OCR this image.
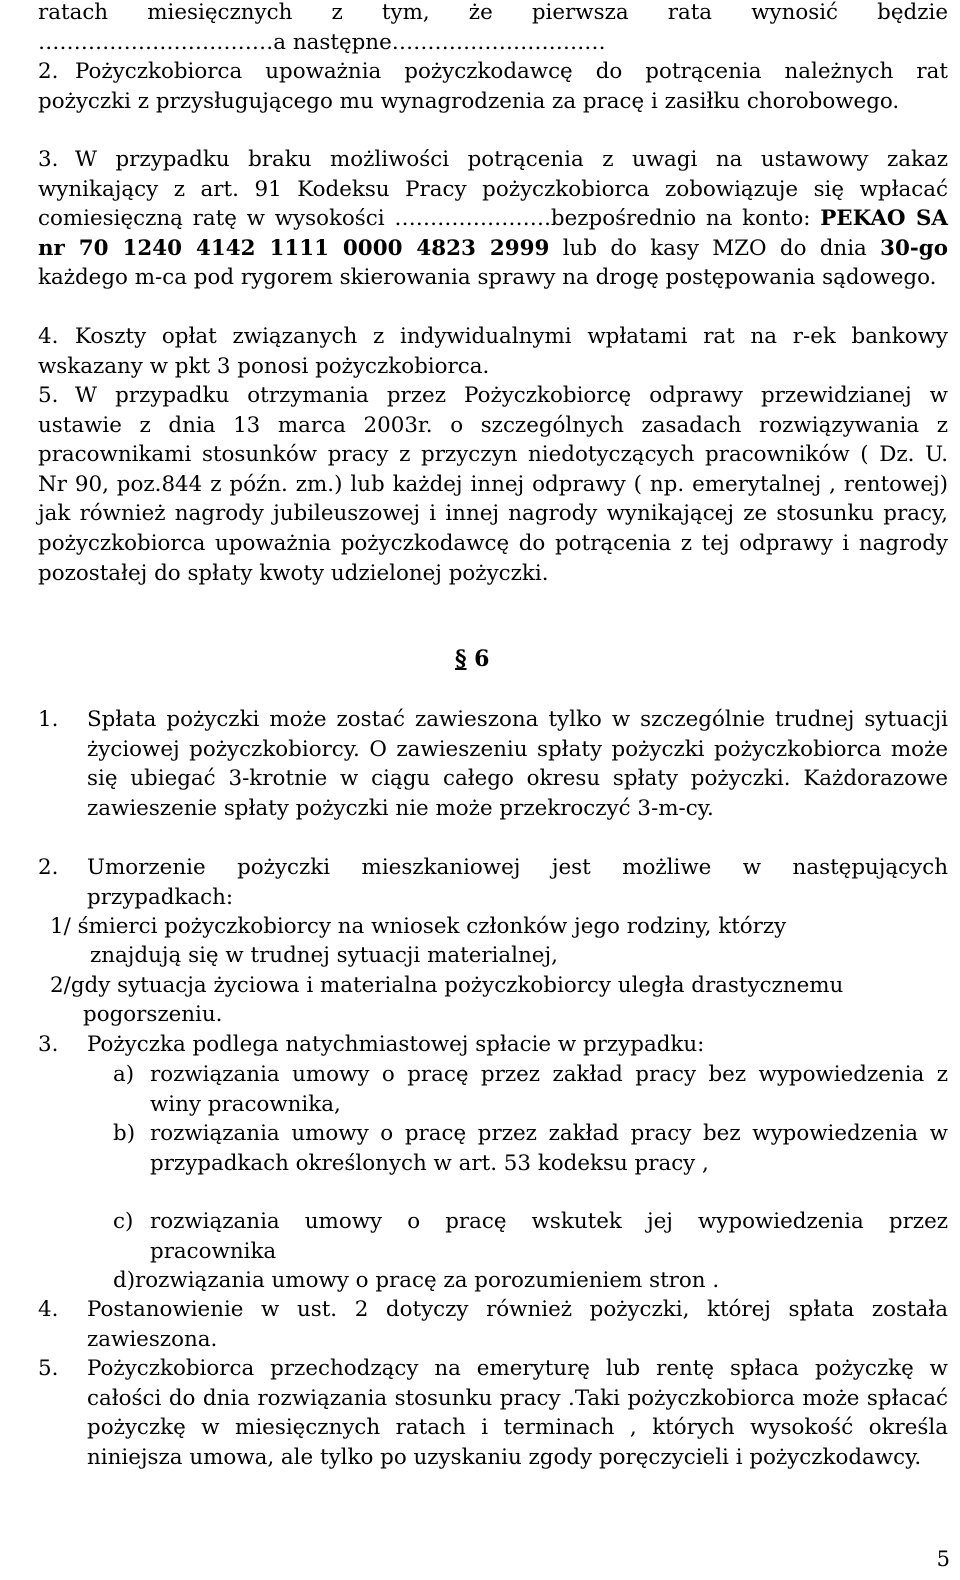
ratach miesięcznych z tym, że pierwsza rata wynosić będzie

……………………………a następne…………………………

2. Pożyczkobiorca upoważnia pożyczkodawcę do potrącenia należnych rat pożyczki z przysługującego mu wynagrodzenia za pracę i zasiłku chorobowego.

3. W przypadku braku możliwości potrącenia z uwagi na ustawowy zakaz wynikający z art. 91 Kodeksu Pracy pożyczkobiorca zobowiązuje się wpłacać comiesięczną ratę w wysokości ………………….bezpośrednio na konto: PEKAO SA nr 70 1240 4142 1111 0000 4823 2999 lub do kasy MZO do dnia 30-go każdego m-ca pod rygorem skierowania sprawy na drogę postępowania sądowego.

4. Koszty opłat związanych z indywidualnymi wpłatami rat na r-ek bankowy wskazany w pkt 3 ponosi pożyczkobiorca.

5. W przypadku otrzymania przez Pożyczkobiorcę odprawy przewidzianej w ustawie z dnia 13 marca 2003r. o szczególnych zasadach rozwiązywania z pracownikami stosunków pracy z przyczyn niedotyczących pracowników ( Dz. U. Nr 90, poz.844 z późn. zm.) lub każdej innej odprawy ( np. emerytalnej , rentowej) jak również nagrody jubileuszowej i innej nagrody wynikającej ze stosunku pracy, pożyczkobiorca upoważnia pożyczkodawcę do potrącenia z tej odprawy i nagrody pozostałej do spłaty kwoty udzielonej pożyczki.

§ 6
1.	Spłata pożyczki może zostać zawieszona tylko w szczególnie trudnej sytuacji życiowej pożyczkobiorcy. O zawieszeniu spłaty pożyczki pożyczkobiorca może się ubiegać 3-krotnie w ciągu całego okresu spłaty pożyczki. Każdorazowe zawieszenie spłaty pożyczki nie może przekroczyć 3-m-cy.

2.	Umorzenie pożyczki mieszkaniowej jest możliwe w następujących przypadkach:

1/ śmierci pożyczkobiorcy na wniosek członków jego rodziny, którzy

znajdują się w trudnej sytuacji materialnej,

2/gdy sytuacja życiowa i materialna pożyczkobiorcy uległa drastycznemu

pogorszeniu.

3.	Pożyczka podlega natychmiastowej spłacie w przypadku:

a) rozwiązania umowy o pracę przez zakład pracy bez wypowiedzenia z winy pracownika,

b) rozwiązania umowy o pracę przez zakład pracy bez wypowiedzenia w przypadkach określonych w art. 53 kodeksu pracy ,

c) rozwiązania umowy o pracę wskutek jej wypowiedzenia przez pracownika

d)rozwiązania umowy o pracę za porozumieniem stron .

4.	Postanowienie w ust. 2 dotyczy również pożyczki, której spłata została zawieszona.

5.	Pożyczkobiorca przechodzący na emeryturę lub rentę spłaca pożyczkę w całości do dnia rozwiązania stosunku pracy .Taki pożyczkobiorca może spłacać pożyczkę w miesięcznych ratach i terminach , których wysokość określa niniejsza umowa, ale tylko po uzyskaniu zgody poręczycieli i pożyczkodawcy.

5
